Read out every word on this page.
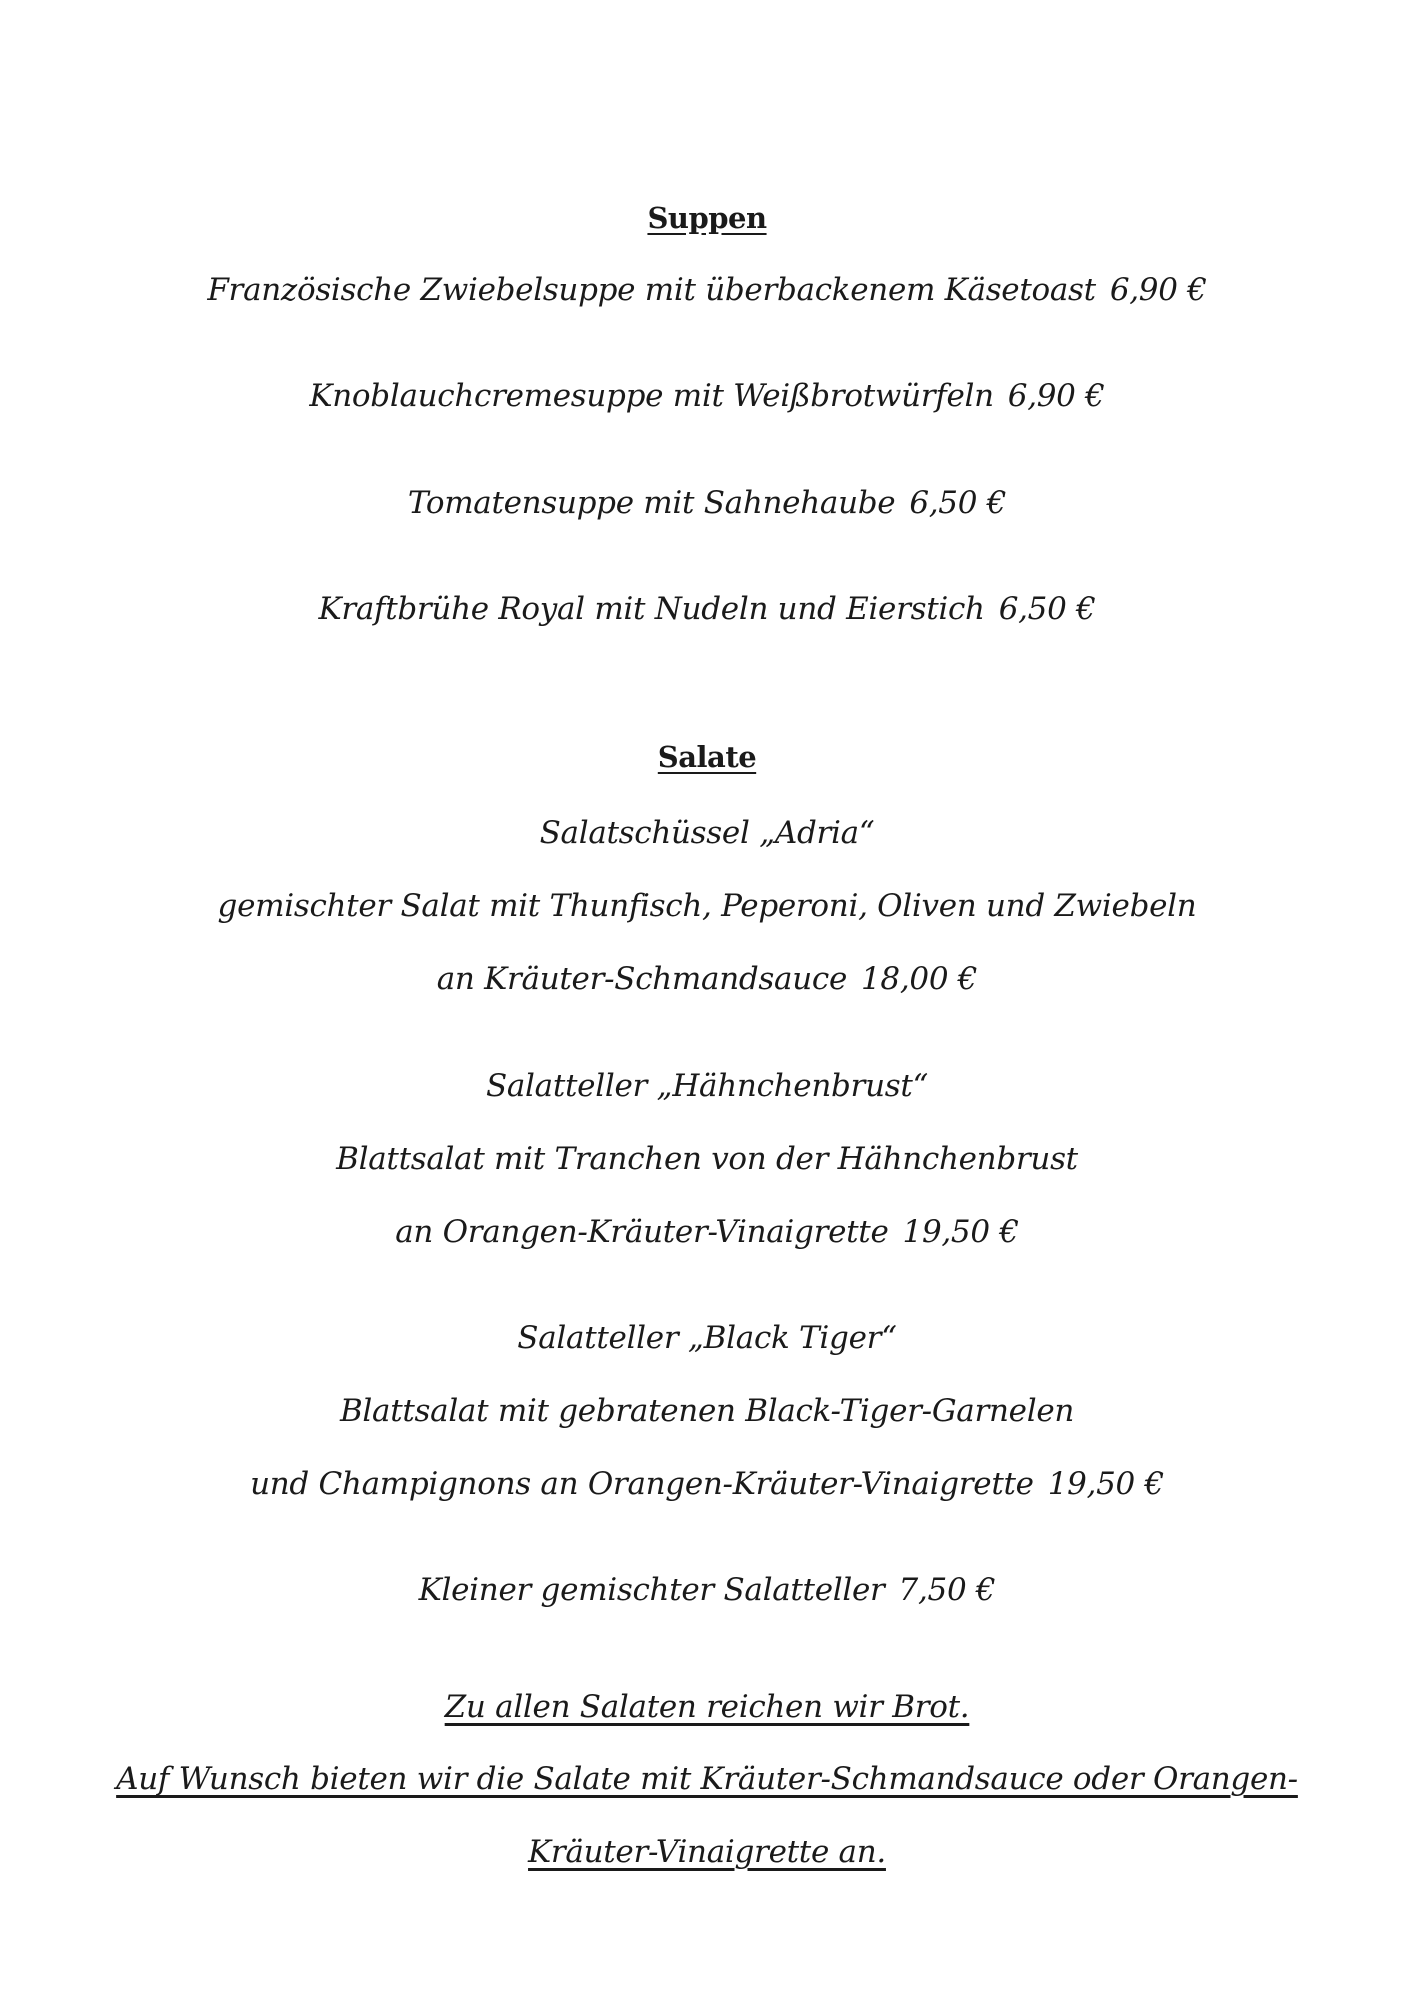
Suppen
Französische Zwiebelsuppe mit überbackenem Käsetoast 6,90 €
Knoblauchcremesuppe mit Weißbrotwürfeln 6,90 €
Tomatensuppe mit Sahnehaube 6,50 €
Kraftbrühe Royal mit Nudeln und Eierstich 6,50 €
Salate
Salatschüssel „Adria“
gemischter Salat mit Thunfisch, Peperoni, Oliven und Zwiebeln
an Kräuter-Schmandsauce 18,00 €
Salatteller „Hähnchenbrust“
Blattsalat mit Tranchen von der Hähnchenbrust
an Orangen-Kräuter-Vinaigrette 19,50 €
Salatteller „Black Tiger“
Blattsalat mit gebratenen Black-Tiger-Garnelen
und Champignons an Orangen-Kräuter-Vinaigrette 19,50 €
Kleiner gemischter Salatteller 7,50 €
Zu allen Salaten reichen wir Brot.
Auf Wunsch bieten wir die Salate mit Kräuter-Schmandsauce oder Orangen-
Kräuter-Vinaigrette an.
